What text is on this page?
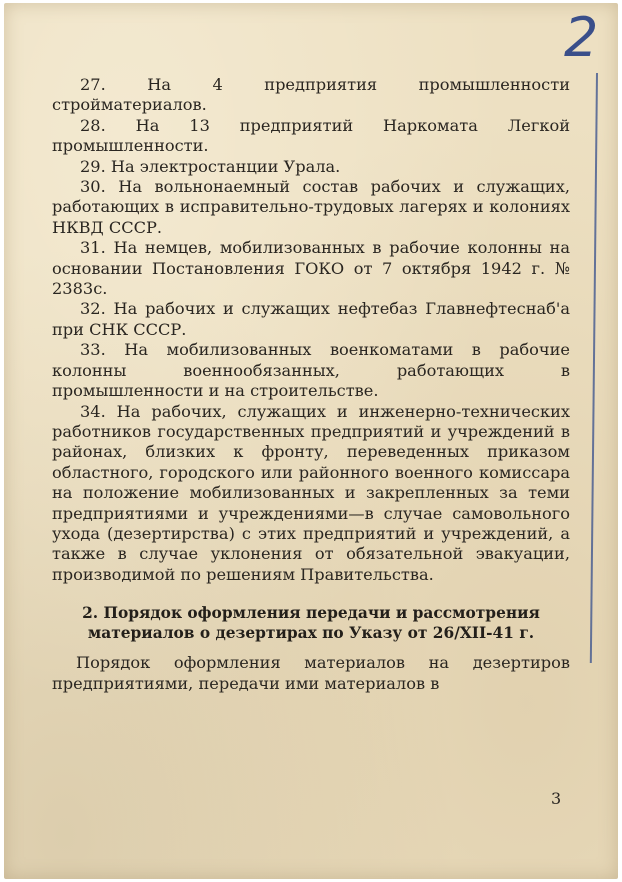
2

27. На 4 предприятия промышленности стройматериалов.

28. На 13 предприятий Наркомата Легкой промышленности.

29. На электростанции Урала.

30. На вольнонаемный состав рабочих и служащих, работающих в исправительно-трудовых лагерях и колониях НКВД СССР.

31. На немцев, мобилизованных в рабочие колонны на основании Постановления ГОКО от 7 октября 1942 г. № 2383с.

32. На рабочих и служащих нефтебаз Главнефтеснаб'а при СНК СССР.

33. На мобилизованных военкоматами в рабочие колонны военнообязанных, работающих в промышленности и на строительстве.

34. На рабочих, служащих и инженерно-технических работников государственных предприятий и учреждений в районах, близких к фронту, переведенных приказом областного, городского или районного военного комиссара на положение мобилизованных и закрепленных за теми предприятиями и учреждениями—в случае самовольного ухода (дезертирства) с этих предприятий и учреждений, а также в случае уклонения от обязательной эвакуации, производимой по решениям Правительства.

2. Порядок оформления передачи и рассмотрения материалов о дезертирах по Указу от 26/XII-41 г.

Порядок оформления материалов на дезертиров предприятиями, передачи ими материалов в

3
